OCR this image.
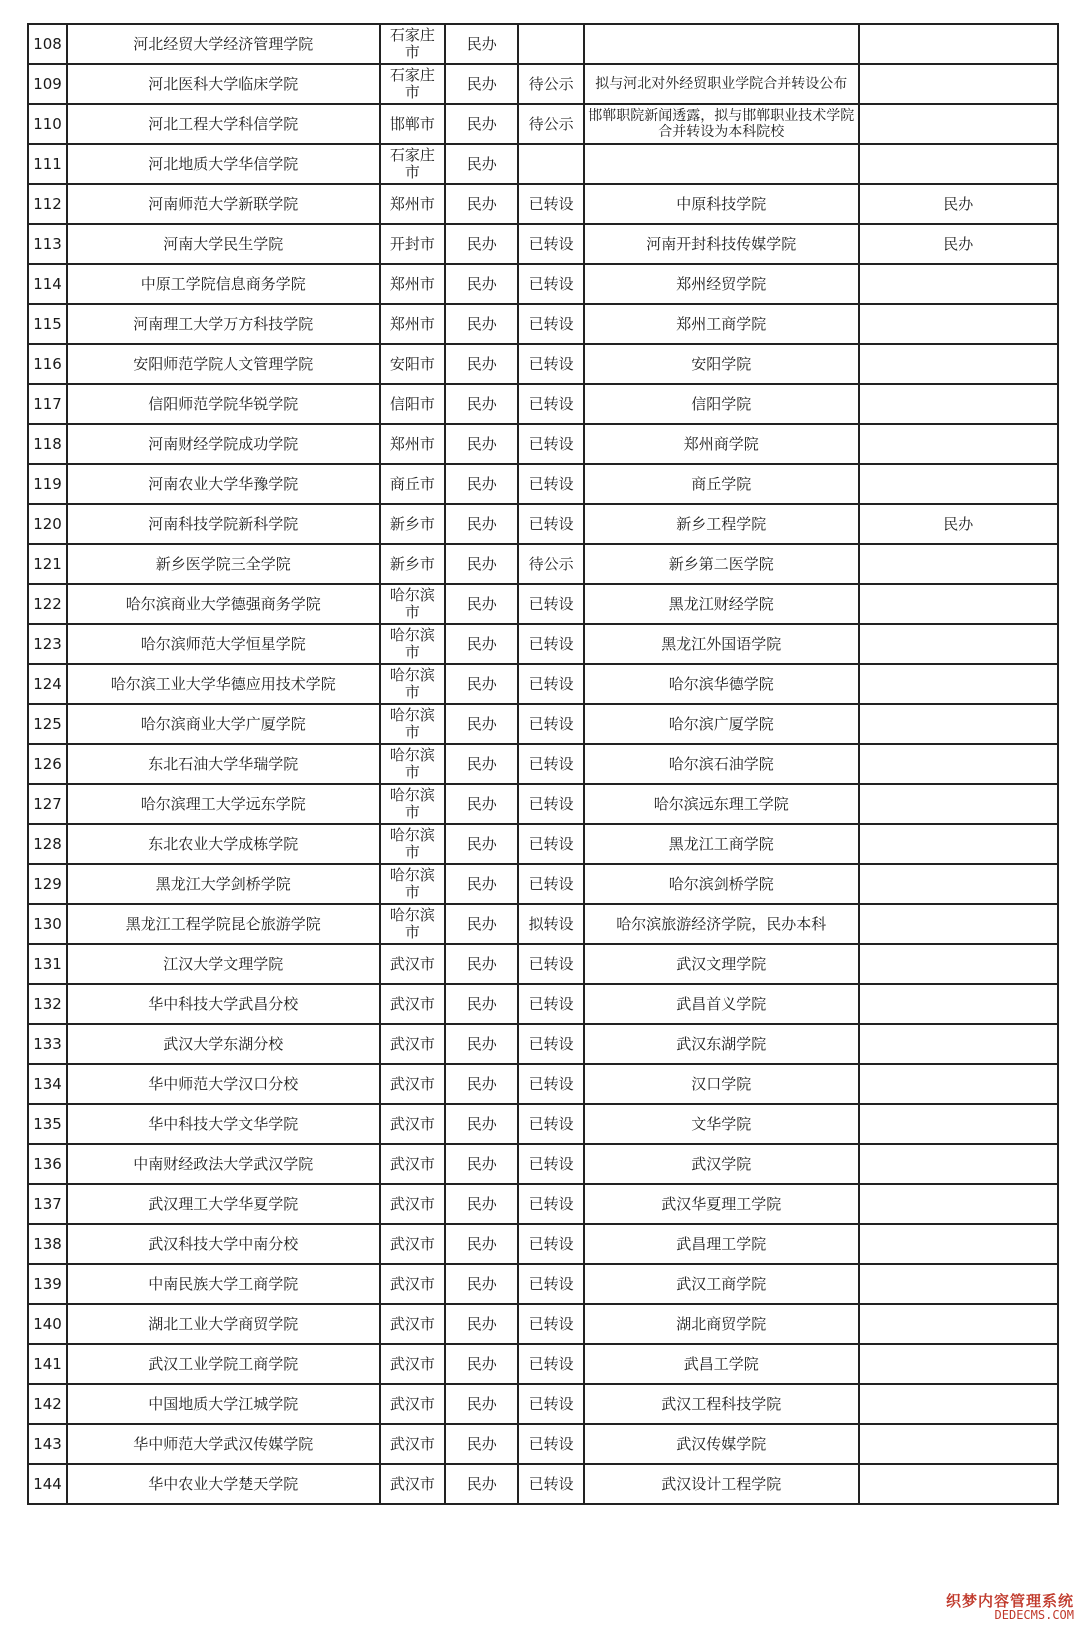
108	河北经贸大学经济管理学院	石家庄市	民办			
109	河北医科大学临床学院	石家庄市	民办	待公示	拟与河北对外经贸职业学院合并转设公布	
110	河北工程大学科信学院	邯郸市	民办	待公示	邯郸职院新闻透露，拟与邯郸职业技术学院合并转设为本科院校	
111	河北地质大学华信学院	石家庄市	民办			
112	河南师范大学新联学院	郑州市	民办	已转设	中原科技学院	民办
113	河南大学民生学院	开封市	民办	已转设	河南开封科技传媒学院	民办
114	中原工学院信息商务学院	郑州市	民办	已转设	郑州经贸学院	
115	河南理工大学万方科技学院	郑州市	民办	已转设	郑州工商学院	
116	安阳师范学院人文管理学院	安阳市	民办	已转设	安阳学院	
117	信阳师范学院华锐学院	信阳市	民办	已转设	信阳学院	
118	河南财经学院成功学院	郑州市	民办	已转设	郑州商学院	
119	河南农业大学华豫学院	商丘市	民办	已转设	商丘学院	
120	河南科技学院新科学院	新乡市	民办	已转设	新乡工程学院	民办
121	新乡医学院三全学院	新乡市	民办	待公示	新乡第二医学院	
122	哈尔滨商业大学德强商务学院	哈尔滨市	民办	已转设	黑龙江财经学院	
123	哈尔滨师范大学恒星学院	哈尔滨市	民办	已转设	黑龙江外国语学院	
124	哈尔滨工业大学华德应用技术学院	哈尔滨市	民办	已转设	哈尔滨华德学院	
125	哈尔滨商业大学广厦学院	哈尔滨市	民办	已转设	哈尔滨广厦学院	
126	东北石油大学华瑞学院	哈尔滨市	民办	已转设	哈尔滨石油学院	
127	哈尔滨理工大学远东学院	哈尔滨市	民办	已转设	哈尔滨远东理工学院	
128	东北农业大学成栋学院	哈尔滨市	民办	已转设	黑龙江工商学院	
129	黑龙江大学剑桥学院	哈尔滨市	民办	已转设	哈尔滨剑桥学院	
130	黑龙江工程学院昆仑旅游学院	哈尔滨市	民办	拟转设	哈尔滨旅游经济学院，民办本科	
131	江汉大学文理学院	武汉市	民办	已转设	武汉文理学院	
132	华中科技大学武昌分校	武汉市	民办	已转设	武昌首义学院	
133	武汉大学东湖分校	武汉市	民办	已转设	武汉东湖学院	
134	华中师范大学汉口分校	武汉市	民办	已转设	汉口学院	
135	华中科技大学文华学院	武汉市	民办	已转设	文华学院	
136	中南财经政法大学武汉学院	武汉市	民办	已转设	武汉学院	
137	武汉理工大学华夏学院	武汉市	民办	已转设	武汉华夏理工学院	
138	武汉科技大学中南分校	武汉市	民办	已转设	武昌理工学院	
139	中南民族大学工商学院	武汉市	民办	已转设	武汉工商学院	
140	湖北工业大学商贸学院	武汉市	民办	已转设	湖北商贸学院	
141	武汉工业学院工商学院	武汉市	民办	已转设	武昌工学院	
142	中国地质大学江城学院	武汉市	民办	已转设	武汉工程科技学院	
143	华中师范大学武汉传媒学院	武汉市	民办	已转设	武汉传媒学院	
144	华中农业大学楚天学院	武汉市	民办	已转设	武汉设计工程学院	
织梦内容管理系统
DEDECMS.COM
